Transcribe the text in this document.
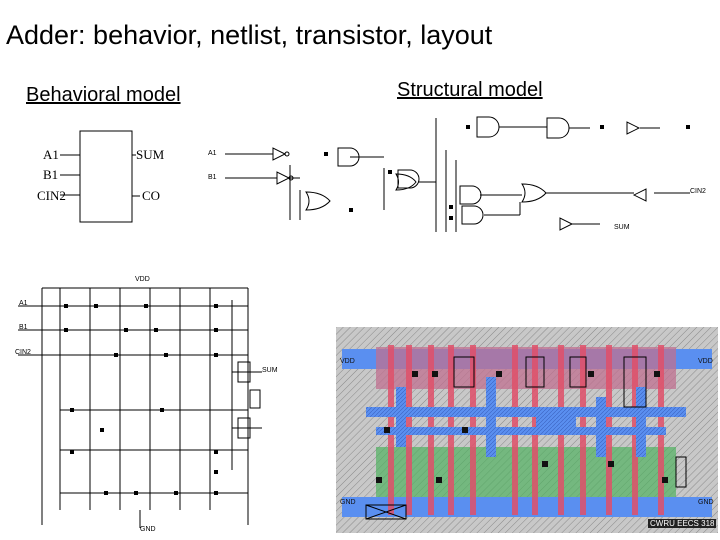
Adder: behavior, netlist, transistor, layout
Behavioral model	Structural model
A1
B1
CIN2
SUM
CO
A1
B1
CIN2
SUM
VDD
A1
B1
CIN2
SUM
GND
VDD	VDD
GND	GND
CWRU EECS 318
